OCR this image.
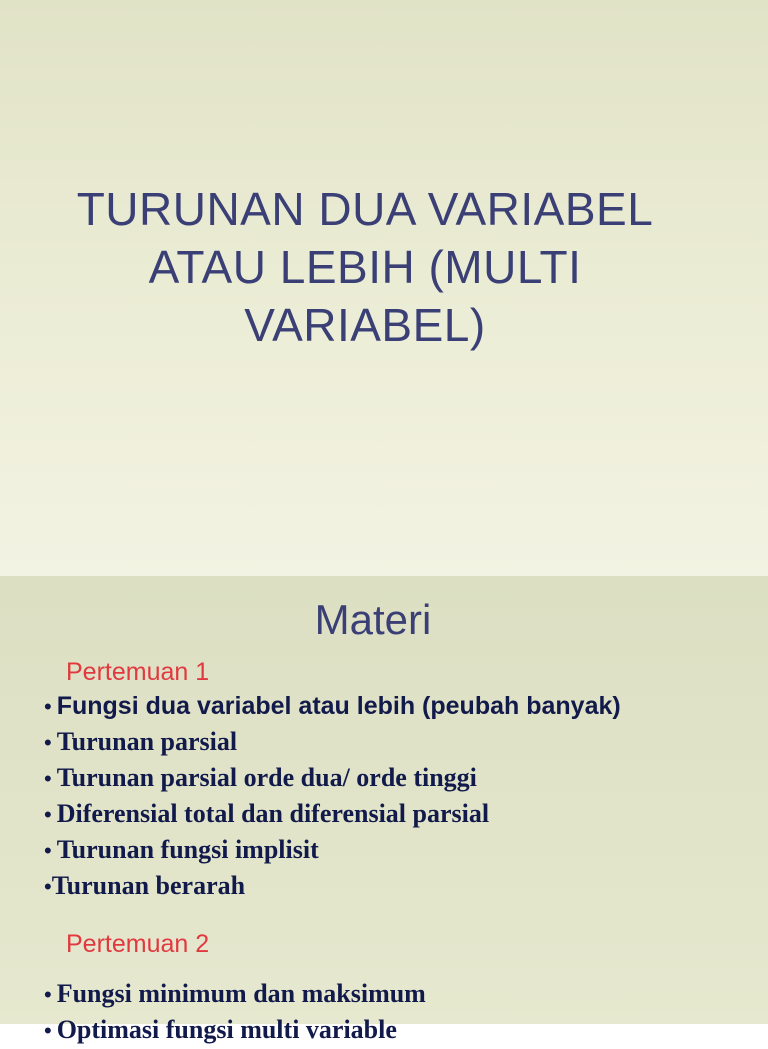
TURUNAN DUA VARIABEL
ATAU LEBIH (MULTI
VARIABEL)
Materi
Pertemuan 1
• Fungsi dua variabel atau lebih (peubah banyak)
• Turunan parsial
• Turunan parsial orde dua/ orde tinggi
• Diferensial total dan diferensial parsial
• Turunan fungsi implisit
•Turunan berarah
Pertemuan 2
• Fungsi minimum dan maksimum
• Optimasi fungsi multi variable
